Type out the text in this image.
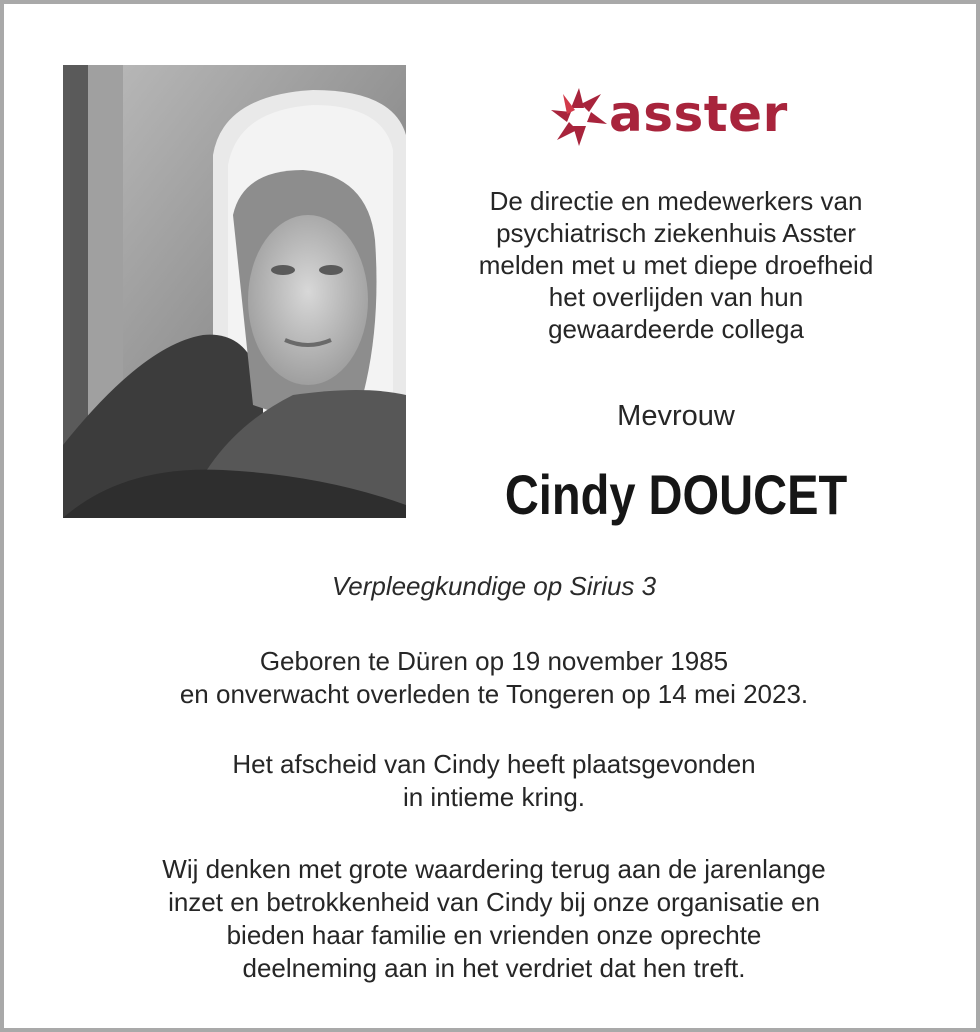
asster
De directie en medewerkers van
psychiatrisch ziekenhuis Asster
melden met u met diepe droefheid
het overlijden van hun
gewaardeerde collega
Mevrouw
Cindy DOUCET
Verpleegkundige op Sirius 3
Geboren te Düren op 19 november 1985
en onverwacht overleden te Tongeren op 14 mei 2023.
Het afscheid van Cindy heeft plaatsgevonden
in intieme kring.
Wij denken met grote waardering terug aan de jarenlange
inzet en betrokkenheid van Cindy bij onze organisatie en
bieden haar familie en vrienden onze oprechte
deelneming aan in het verdriet dat hen treft.
